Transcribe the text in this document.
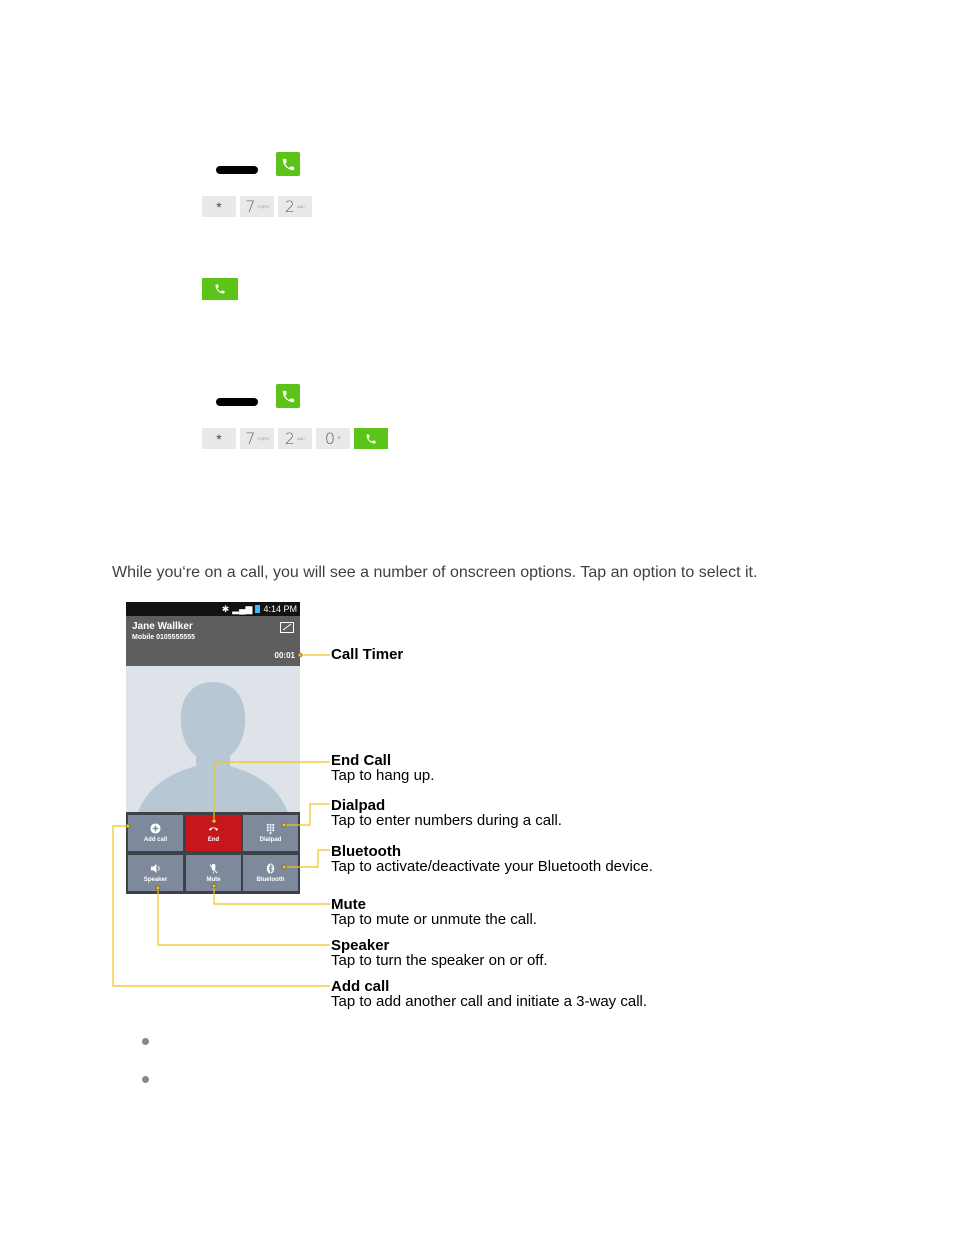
* 7 PQRS 2 ABC
* 7 PQRS 2 ABC 0 +
While you‘re on a call, you will see a number of onscreen options. Tap an option to select it.
✱ ▂▄▆ 4:14 PM
Jane Wallker
Mobile 0105555555
00:01
Add call	End	Dialpad
Speaker	Mute	Bluetooth
Call Timer
End Call
Tap to hang up.
Dialpad
Tap to enter numbers during a call.
Bluetooth
Tap to activate/deactivate your Bluetooth device.
Mute
Tap to mute or unmute the call.
Speaker
Tap to turn the speaker on or off.
Add call
Tap to add another call and initiate a 3-way call.
